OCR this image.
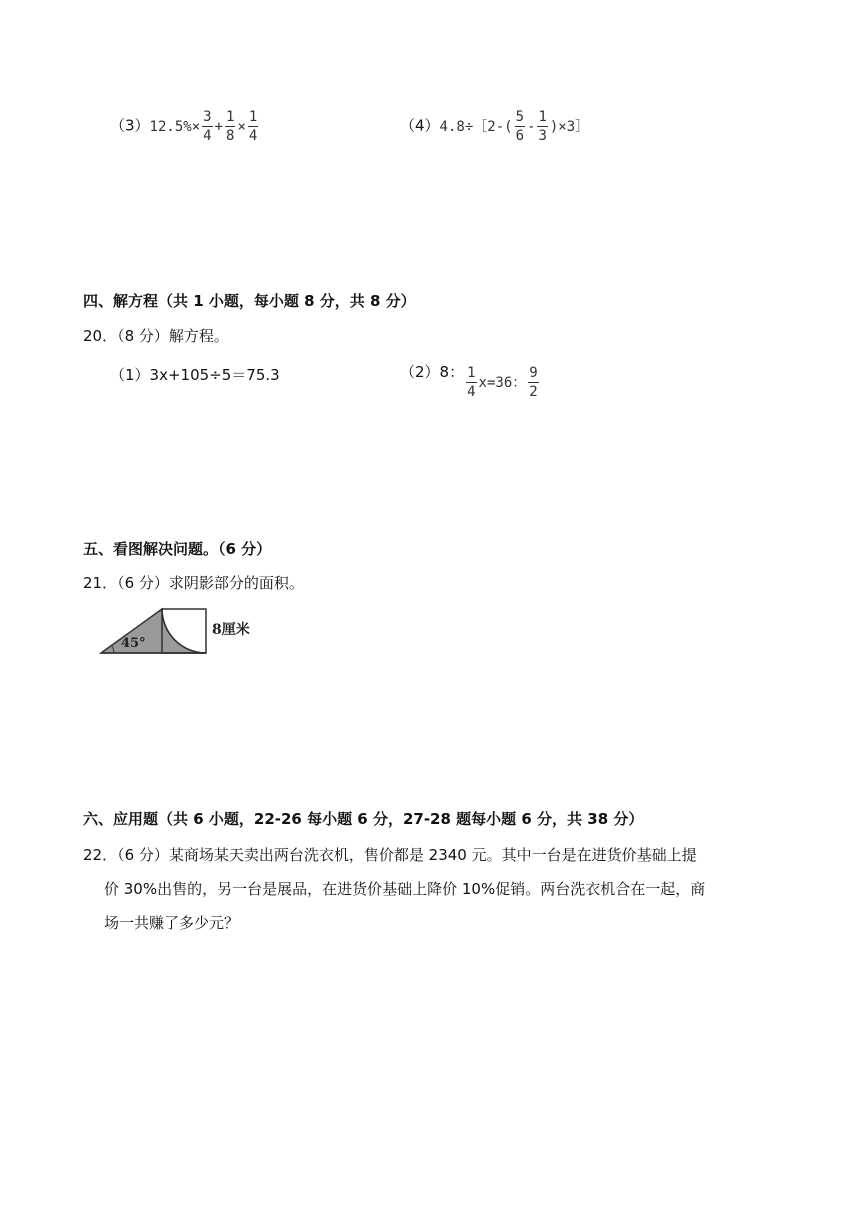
（3） $12.5\%\times \frac{3}{4} + \frac{1}{8} \times \frac{1}{4}$	（4） 4.8÷［2-( $\frac{5}{6} - \frac{1}{3}$ )×3］
四、解方程（共 1 小题，每小题 8 分，共 8 分）
20．（8 分）解方程。
（1）3x+105÷5＝75.3	（2）8： $\frac{1}{4} x=36$： $\frac{9}{2}$
五、看图解决问题。（6 分）
21．（6 分）求阴影部分的面积。
45°
8厘米
六、应用题（共 6 小题，22-26 每小题 6 分，27-28 题每小题 6 分，共 38 分）
22．（6 分）某商场某天卖出两台洗衣机，售价都是 2340 元。其中一台是在进货价基础上提
价 30%出售的，另一台是展品，在进货价基础上降价 10%促销。两台洗衣机合在一起，商
场一共赚了多少元？
